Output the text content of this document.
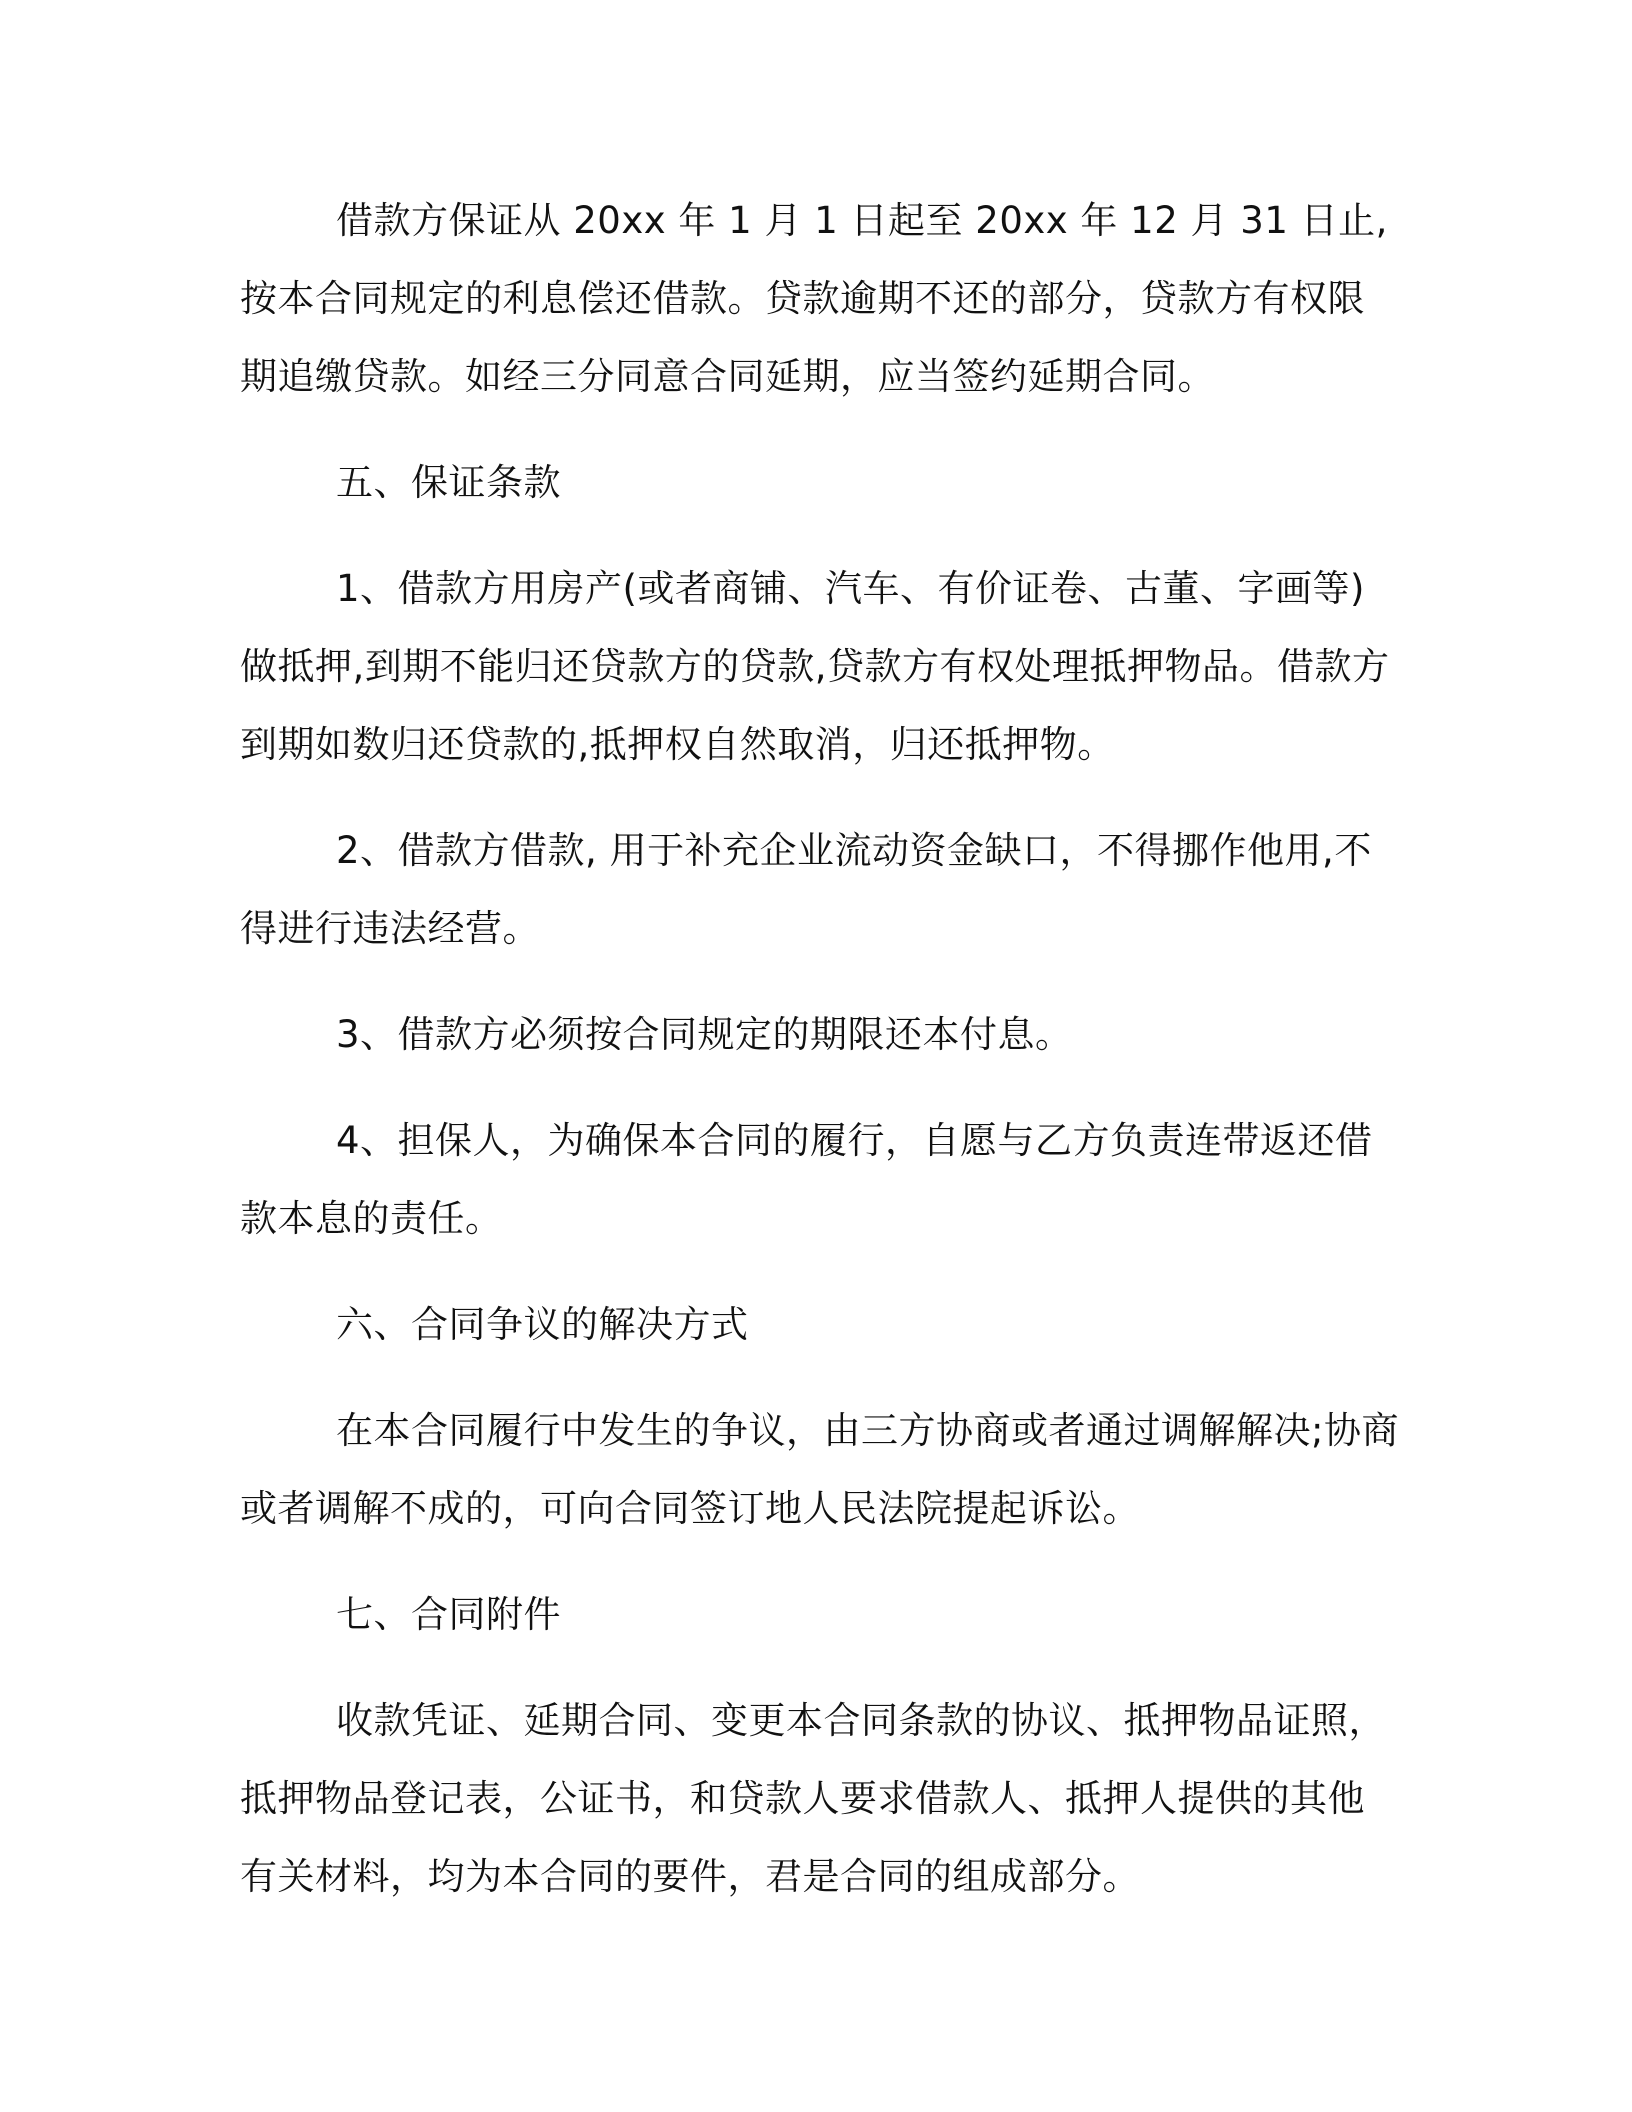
借款方保证从 20xx 年 1 月 1 日起至 20xx 年 12 月 31 日止,按本合同规定的利息偿还借款。贷款逾期不还的部分，贷款方有权限期追缴贷款。如经三分同意合同延期，应当签约延期合同。

五、保证条款

1、借款方用房产(或者商铺、汽车、有价证卷、古董、字画等)做抵押,到期不能归还贷款方的贷款,贷款方有权处理抵押物品。借款方到期如数归还贷款的,抵押权自然取消，归还抵押物。

2、借款方借款, 用于补充企业流动资金缺口，不得挪作他用,不得进行违法经营。

3、借款方必须按合同规定的期限还本付息。

4、担保人，为确保本合同的履行，自愿与乙方负责连带返还借款本息的责任。

六、合同争议的解决方式

在本合同履行中发生的争议，由三方协商或者通过调解解决;协商或者调解不成的，可向合同签订地人民法院提起诉讼。

七、合同附件

收款凭证、延期合同、变更本合同条款的协议、抵押物品证照，抵押物品登记表，公证书，和贷款人要求借款人、抵押人提供的其他有关材料，均为本合同的要件，君是合同的组成部分。
